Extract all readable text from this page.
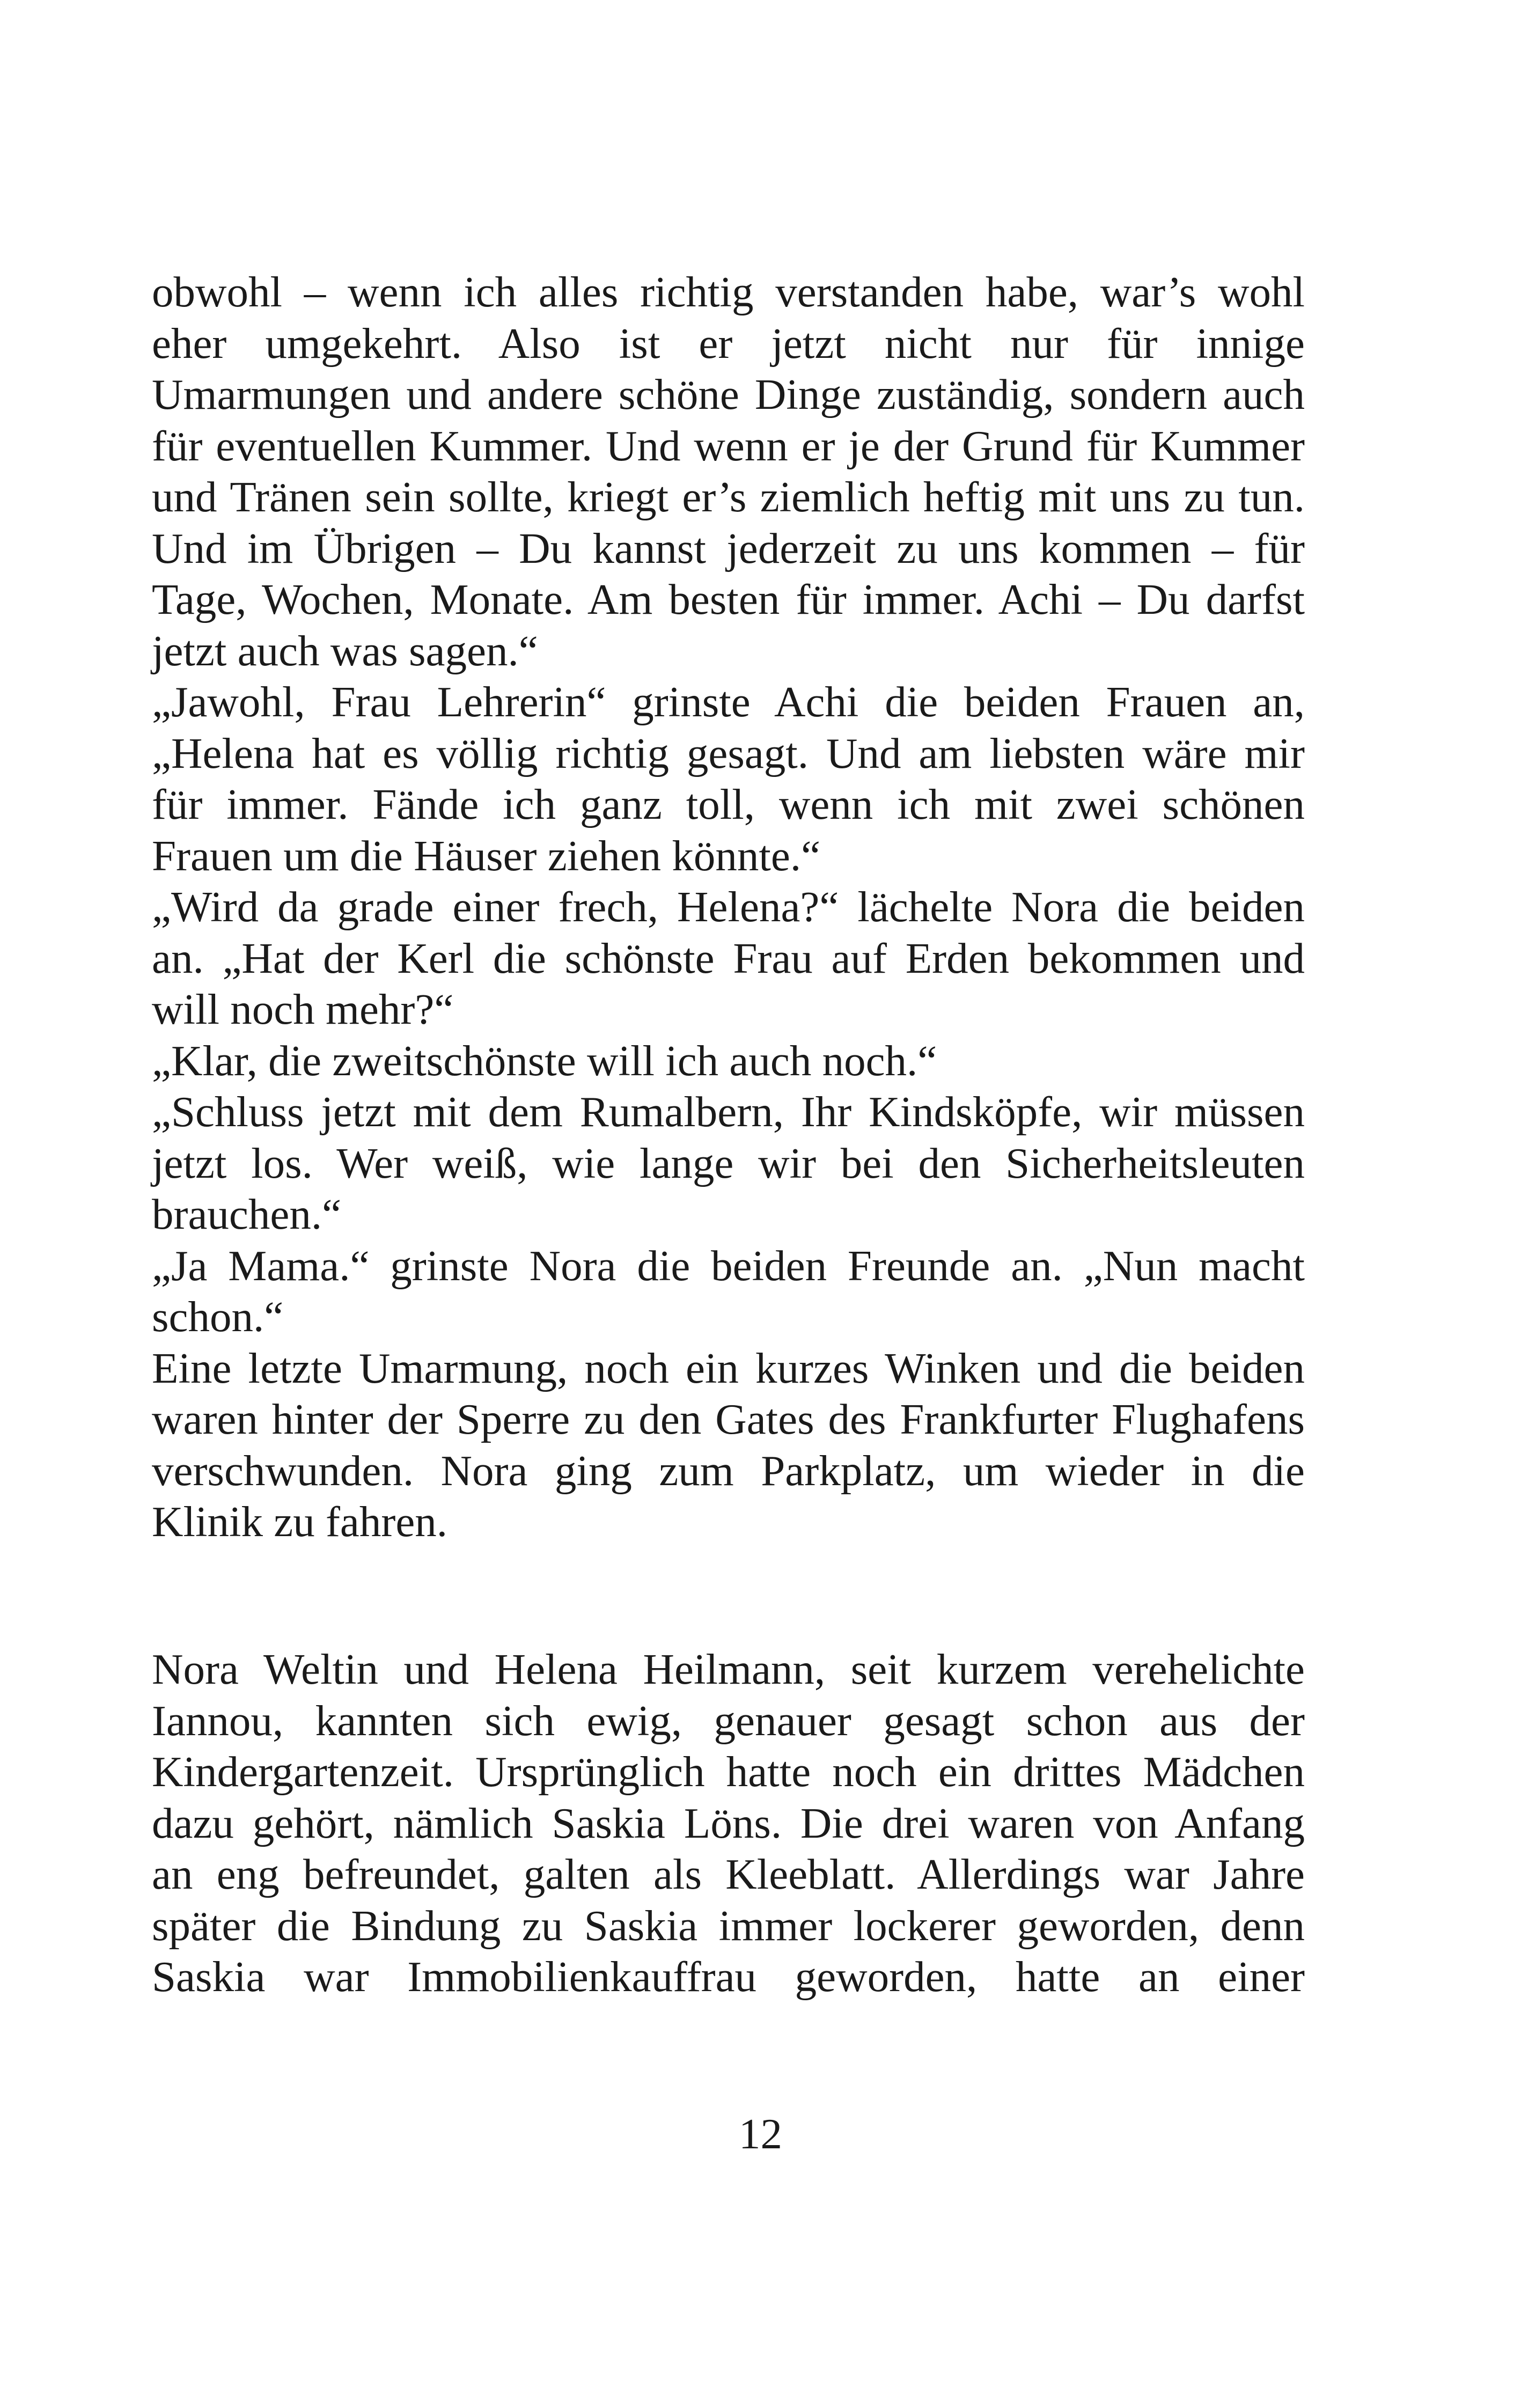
obwohl – wenn ich alles richtig verstanden habe, war’s wohl
eher umgekehrt. Also ist er jetzt nicht nur für innige
Umarmungen und andere schöne Dinge zuständig, sondern auch
für eventuellen Kummer. Und wenn er je der Grund für Kummer
und Tränen sein sollte, kriegt er’s ziemlich heftig mit uns zu tun.
Und im Übrigen – Du kannst jederzeit zu uns kommen – für
Tage, Wochen, Monate. Am besten für immer. Achi – Du darfst
jetzt auch was sagen.“
„Jawohl, Frau Lehrerin“ grinste Achi die beiden Frauen an,
„Helena hat es völlig richtig gesagt. Und am liebsten wäre mir
für immer. Fände ich ganz toll, wenn ich mit zwei schönen
Frauen um die Häuser ziehen könnte.“
„Wird da grade einer frech, Helena?“ lächelte Nora die beiden
an. „Hat der Kerl die schönste Frau auf Erden bekommen und
will noch mehr?“
„Klar, die zweitschönste will ich auch noch.“
„Schluss jetzt mit dem Rumalbern, Ihr Kindsköpfe, wir müssen
jetzt los. Wer weiß, wie lange wir bei den Sicherheitsleuten
brauchen.“
„Ja Mama.“ grinste Nora die beiden Freunde an. „Nun macht
schon.“
Eine letzte Umarmung, noch ein kurzes Winken und die beiden
waren hinter der Sperre zu den Gates des Frankfurter Flughafens
verschwunden. Nora ging zum Parkplatz, um wieder in die
Klinik zu fahren.
Nora Weltin und Helena Heilmann, seit kurzem verehelichte
Iannou, kannten sich ewig, genauer gesagt schon aus der
Kindergartenzeit. Ursprünglich hatte noch ein drittes Mädchen
dazu gehört, nämlich Saskia Löns. Die drei waren von Anfang
an eng befreundet, galten als Kleeblatt. Allerdings war Jahre
später die Bindung zu Saskia immer lockerer geworden, denn
Saskia war Immobilienkauffrau geworden, hatte an einer
12
